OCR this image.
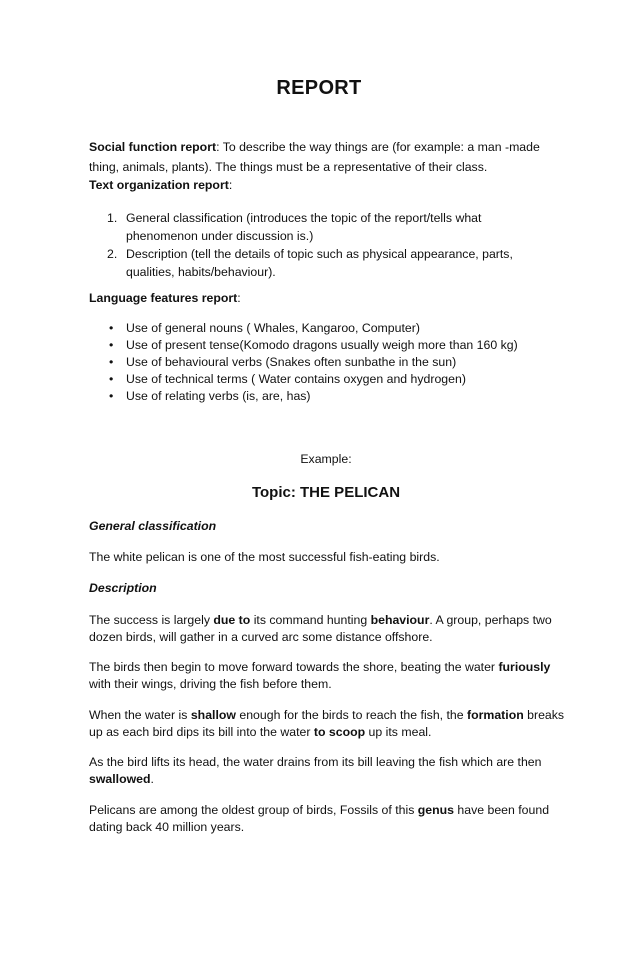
REPORT
Social function report: To describe the way things are (for example: a man -made thing, animals, plants). The things must be a representative of their class.
Text organization report:
1. General classification (introduces the topic of the report/tells what phenomenon under discussion is.)
2. Description (tell the details of topic such as physical appearance, parts, qualities, habits/behaviour).
Language features report:
• Use of general nouns ( Whales, Kangaroo, Computer)
• Use of present tense(Komodo dragons usually weigh more than 160 kg)
• Use of behavioural verbs (Snakes often sunbathe in the sun)
• Use of technical terms ( Water contains oxygen and hydrogen)
• Use of relating verbs (is, are, has)
Example:
Topic: THE PELICAN
General classification
The white pelican is one of the most successful fish-eating birds.
Description
The success is largely due to its command hunting behaviour. A group, perhaps two dozen birds, will gather in a curved arc some distance offshore.
The birds then begin to move forward towards the shore, beating the water furiously with their wings, driving the fish before them.
When the water is shallow enough for the birds to reach the fish, the formation breaks up as each bird dips its bill into the water to scoop up its meal.
As the bird lifts its head, the water drains from its bill leaving the fish which are then swallowed.
Pelicans are among the oldest group of birds, Fossils of this genus have been found dating back 40 million years.
